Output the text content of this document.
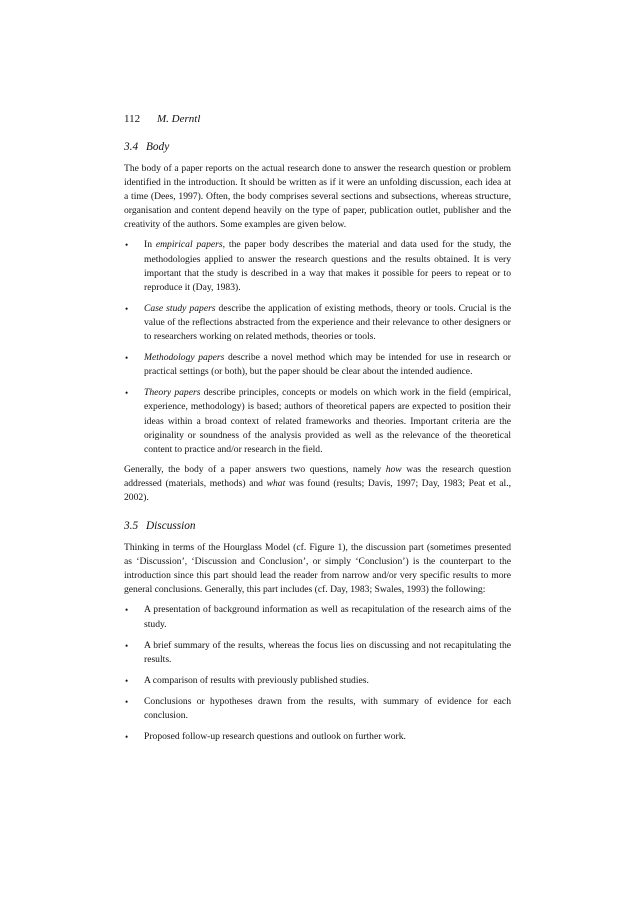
112 M. Derntl
3.4 Body

The body of a paper reports on the actual research done to answer the research question or problem identified in the introduction. It should be written as if it were an unfolding discussion, each idea at a time (Dees, 1997). Often, the body comprises several sections and subsections, whereas structure, organisation and content depend heavily on the type of paper, publication outlet, publisher and the creativity of the authors. Some examples are given below.

• In empirical papers, the paper body describes the material and data used for the study, the methodologies applied to answer the research questions and the results obtained. It is very important that the study is described in a way that makes it possible for peers to repeat or to reproduce it (Day, 1983).
• Case study papers describe the application of existing methods, theory or tools. Crucial is the value of the reflections abstracted from the experience and their relevance to other designers or to researchers working on related methods, theories or tools.
• Methodology papers describe a novel method which may be intended for use in research or practical settings (or both), but the paper should be clear about the intended audience.
• Theory papers describe principles, concepts or models on which work in the field (empirical, experience, methodology) is based; authors of theoretical papers are expected to position their ideas within a broad context of related frameworks and theories. Important criteria are the originality or soundness of the analysis provided as well as the relevance of the theoretical content to practice and/or research in the field.

Generally, the body of a paper answers two questions, namely how was the research question addressed (materials, methods) and what was found (results; Davis, 1997; Day, 1983; Peat et al., 2002).

3.5 Discussion

Thinking in terms of the Hourglass Model (cf. Figure 1), the discussion part (sometimes presented as ‘Discussion’, ‘Discussion and Conclusion’, or simply ‘Conclusion’) is the counterpart to the introduction since this part should lead the reader from narrow and/or very specific results to more general conclusions. Generally, this part includes (cf. Day, 1983; Swales, 1993) the following:

• A presentation of background information as well as recapitulation of the research aims of the study.
• A brief summary of the results, whereas the focus lies on discussing and not recapitulating the results.
• A comparison of results with previously published studies.
• Conclusions or hypotheses drawn from the results, with summary of evidence for each conclusion.
• Proposed follow-up research questions and outlook on further work.
